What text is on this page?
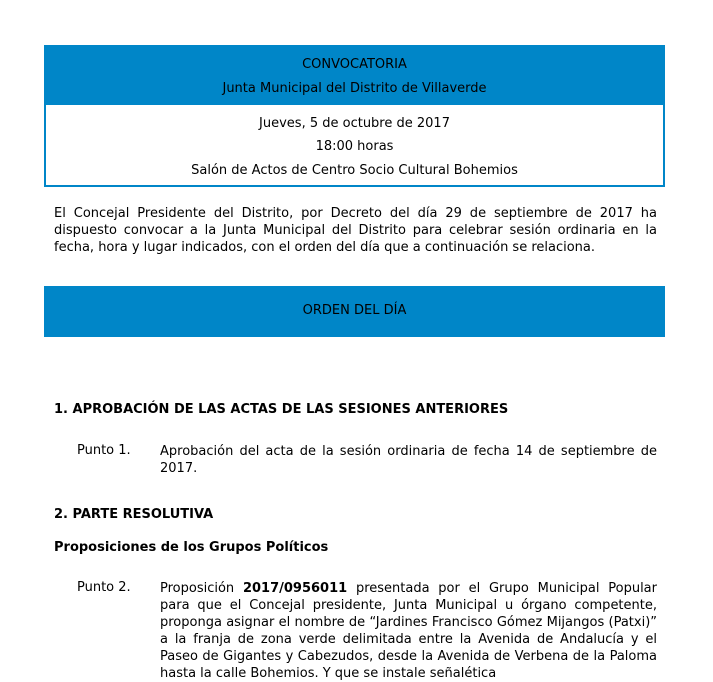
CONVOCATORIA
Junta Municipal del Distrito de Villaverde
Jueves, 5 de octubre de 2017
18:00 horas
Salón de Actos de Centro Socio Cultural Bohemios
El Concejal Presidente del Distrito, por Decreto del día 29 de septiembre de 2017 ha dispuesto convocar a la Junta Municipal del Distrito para celebrar sesión ordinaria en la fecha, hora y lugar indicados, con el orden del día que a continuación se relaciona.
ORDEN DEL DÍA
1. APROBACIÓN DE LAS ACTAS DE LAS SESIONES ANTERIORES
Punto 1. Aprobación del acta de la sesión ordinaria de fecha 14 de septiembre de 2017.
2. PARTE RESOLUTIVA
Proposiciones de los Grupos Políticos
Punto 2. Proposición 2017/0956011 presentada por el Grupo Municipal Popular para que el Concejal presidente, Junta Municipal u órgano competente, proponga asignar el nombre de “Jardines Francisco Gómez Mijangos (Patxi)” a la franja de zona verde delimitada entre la Avenida de Andalucía y el Paseo de Gigantes y Cabezudos, desde la Avenida de Verbena de la Paloma hasta la calle Bohemios. Y que se instale señalética
